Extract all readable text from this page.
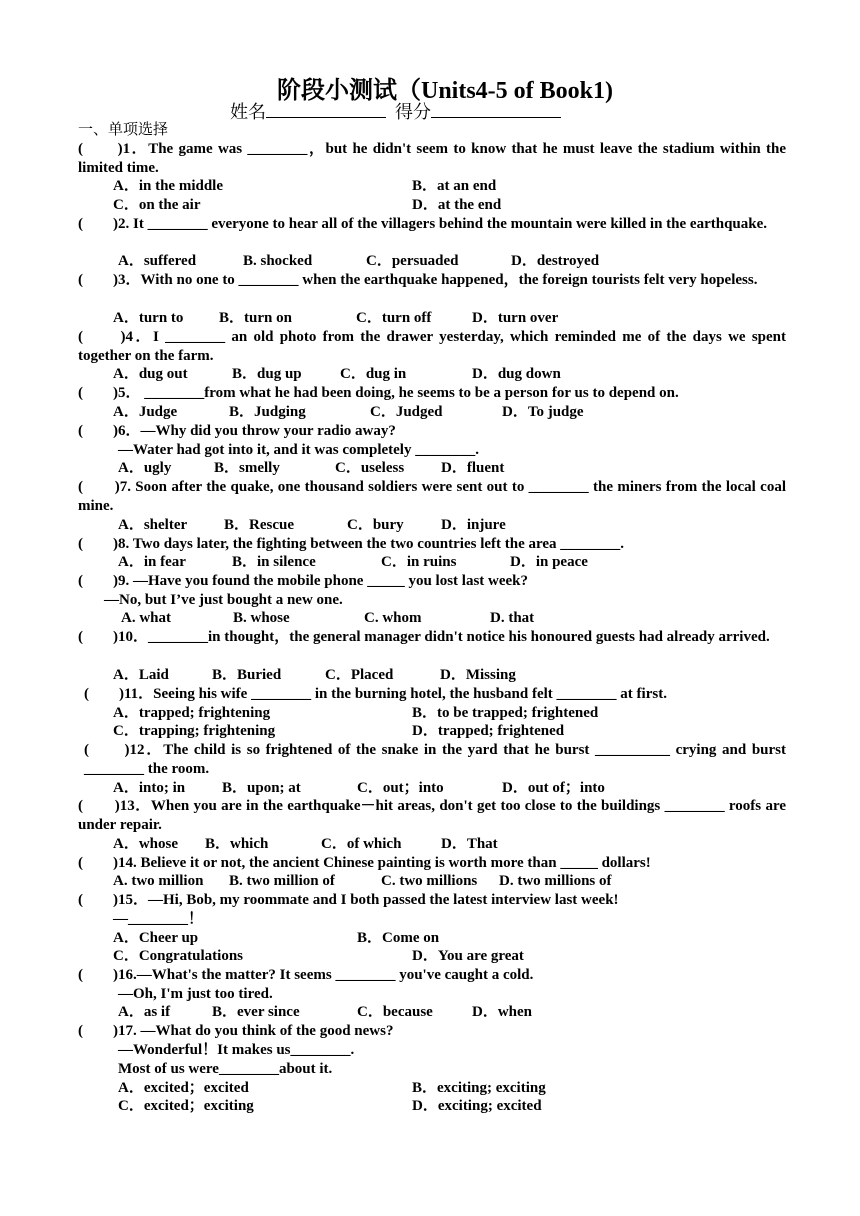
阶段小测试（Units4-5 of Book1)
姓名	得分
一、单项选择
(　　)1．The game was ________，but he didn't seem to know that he must leave the stadium within the limited time.
A．in the middle	B．at an end
C．on the air	D．at the end
(　　)2. It ________ everyone to hear all of the villagers behind the mountain were killed in the earthquake.
A．suffered	B. shocked	C．persuaded	D．destroyed
(　　)3．With no one to ________ when the earthquake happened，the foreign tourists felt very hopeless.
A．turn to B．turn on	C．turn off	D．turn over
(　　)4．I ________ an old photo from the drawer yesterday, which reminded me of the days we spent together on the farm.
A．dug out	B．dug up	C．dug in	D．dug down
(　　)5． ________from what he had been doing, he seems to be a person for us to depend on.
A．Judge	B．Judging	C．Judged	D．To judge
(　　)6．—Why did you throw your radio away?
—Water had got into it, and it was completely ________.
A．ugly	B．smelly	C．useless D．fluent
(　　)7. Soon after the quake, one thousand soldiers were sent out to ________ the miners from the local coal mine.
A．shelter B．Rescue	C．bury D．injure
(　　)8. Two days later, the fighting between the two countries left the area ________.
A．in fear	B．in silence	C．in ruins	D．in peace
(　　)9. —Have you found the mobile phone _____ you lost last week?
—No, but I’ve just bought a new one.
A. what	B. whose	C. whom	D. that
(　　)10．________in thought，the general manager didn't notice his honoured guests had already arrived.
A．Laid	B．Buried	C．Placed	D．Missing
(　　)11．Seeing his wife ________ in the burning hotel, the husband felt ________ at first.
A．trapped; frightening	B．to be trapped; frightened
C．trapping; frightening	D．trapped; frightened
(　　)12．The child is so frightened of the snake in the yard that he burst __________ crying and burst ________ the room.
A．into; in B．upon; at	C．out；into	D．out of；into
(　　)13．When you are in the earthquake－hit areas, don't get too close to the buildings ________ roofs are under repair.
A．whose B．which	C．of which	D．That
(　　)14. Believe it or not, the ancient Chinese painting is worth more than _____ dollars!
A. two million B. two million of	C. two millions D. two millions of
(　　)15．—Hi, Bob, my roommate and I both passed the latest interview last week!
—________！
A．Cheer up	B．Come on
C．Congratulations	D．You are great
(　　)16.—What's the matter? It seems ________ you've caught a cold.
—Oh, I'm just too tired.
A．as if	B．ever since	C．because	D．when
(　　)17. —What do you think of the good news?
—Wonderful！It makes us________.
Most of us were________about it.
A．excited；excited	B．exciting; exciting
C．excited；exciting	D．exciting; excited
